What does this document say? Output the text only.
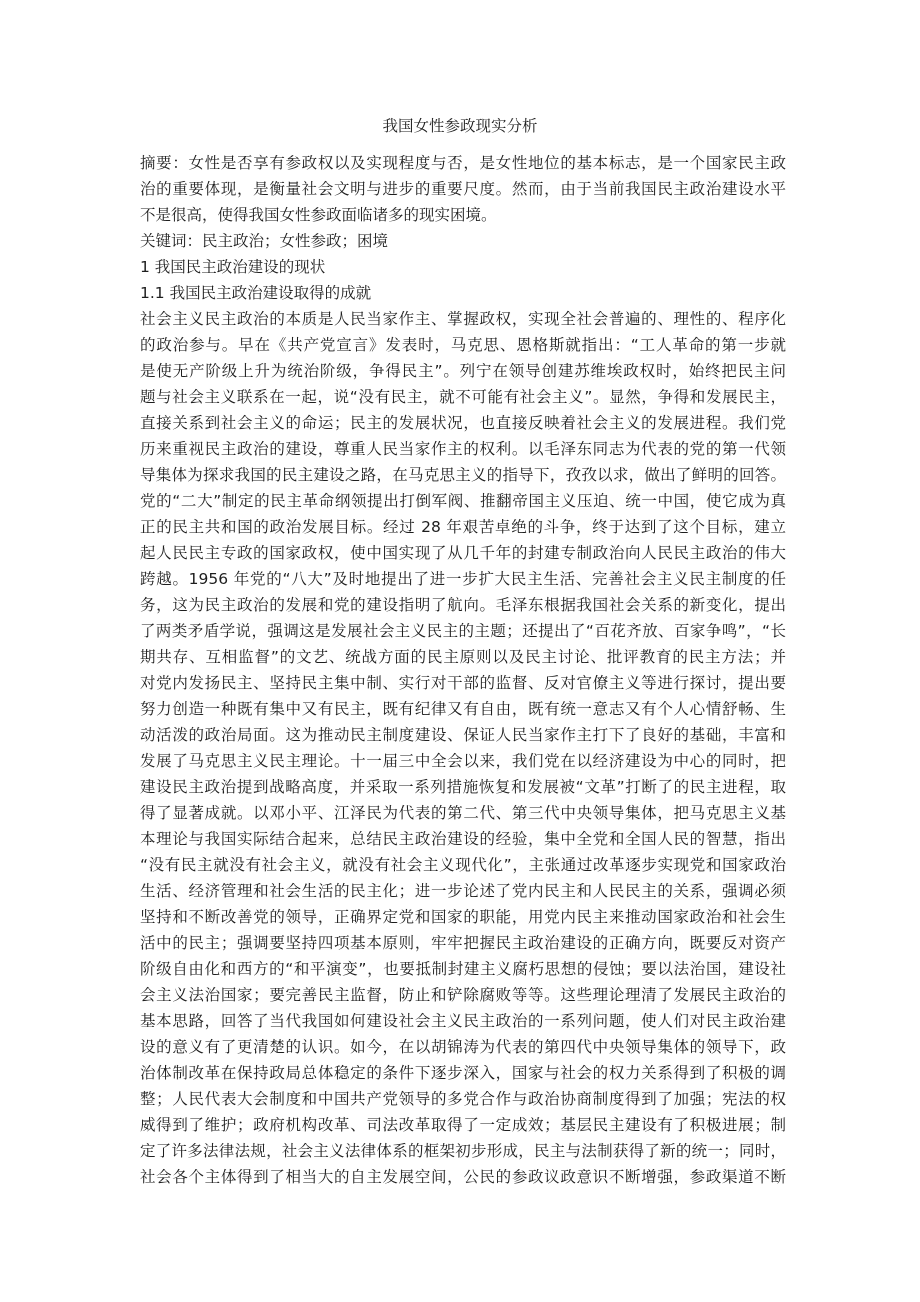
我国女性参政现实分析
摘要：女性是否享有参政权以及实现程度与否，是女性地位的基本标志，是一个国家民主政
治的重要体现，是衡量社会文明与进步的重要尺度。然而，由于当前我国民主政治建设水平
不是很高，使得我国女性参政面临诸多的现实困境。
关键词：民主政治；女性参政；困境
1 我国民主政治建设的现状
1.1 我国民主政治建设取得的成就
社会主义民主政治的本质是人民当家作主、掌握政权，实现全社会普遍的、理性的、程序化
的政治参与。早在《共产党宣言》发表时，马克思、恩格斯就指出：“工人革命的第一步就
是使无产阶级上升为统治阶级，争得民主”。列宁在领导创建苏维埃政权时，始终把民主问
题与社会主义联系在一起，说“没有民主，就不可能有社会主义”。显然，争得和发展民主，
直接关系到社会主义的命运；民主的发展状况，也直接反映着社会主义的发展进程。我们党
历来重视民主政治的建设，尊重人民当家作主的权利。以毛泽东同志为代表的党的第一代领
导集体为探求我国的民主建设之路，在马克思主义的指导下，孜孜以求，做出了鲜明的回答。
党的“二大”制定的民主革命纲领提出打倒军阀、推翻帝国主义压迫、统一中国，使它成为真
正的民主共和国的政治发展目标。经过 28 年艰苦卓绝的斗争，终于达到了这个目标，建立
起人民民主专政的国家政权，使中国实现了从几千年的封建专制政治向人民民主政治的伟大
跨越。1956 年党的“八大”及时地提出了进一步扩大民主生活、完善社会主义民主制度的任
务，这为民主政治的发展和党的建设指明了航向。毛泽东根据我国社会关系的新变化，提出
了两类矛盾学说，强调这是发展社会主义民主的主题；还提出了“百花齐放、百家争鸣”，“长
期共存、互相监督”的文艺、统战方面的民主原则以及民主讨论、批评教育的民主方法；并
对党内发扬民主、坚持民主集中制、实行对干部的监督、反对官僚主义等进行探讨，提出要
努力创造一种既有集中又有民主，既有纪律又有自由，既有统一意志又有个人心情舒畅、生
动活泼的政治局面。这为推动民主制度建设、保证人民当家作主打下了良好的基础，丰富和
发展了马克思主义民主理论。十一届三中全会以来，我们党在以经济建设为中心的同时，把
建设民主政治提到战略高度，并采取一系列措施恢复和发展被“文革”打断了的民主进程，取
得了显著成就。以邓小平、江泽民为代表的第二代、第三代中央领导集体，把马克思主义基
本理论与我国实际结合起来，总结民主政治建设的经验，集中全党和全国人民的智慧，指出
“没有民主就没有社会主义，就没有社会主义现代化”，主张通过改革逐步实现党和国家政治
生活、经济管理和社会生活的民主化；进一步论述了党内民主和人民民主的关系，强调必须
坚持和不断改善党的领导，正确界定党和国家的职能，用党内民主来推动国家政治和社会生
活中的民主；强调要坚持四项基本原则，牢牢把握民主政治建设的正确方向，既要反对资产
阶级自由化和西方的“和平演变”，也要抵制封建主义腐朽思想的侵蚀；要以法治国，建设社
会主义法治国家；要完善民主监督，防止和铲除腐败等等。这些理论理清了发展民主政治的
基本思路，回答了当代我国如何建设社会主义民主政治的一系列问题，使人们对民主政治建
设的意义有了更清楚的认识。如今，在以胡锦涛为代表的第四代中央领导集体的领导下，政
治体制改革在保持政局总体稳定的条件下逐步深入，国家与社会的权力关系得到了积极的调
整；人民代表大会制度和中国共产党领导的多党合作与政治协商制度得到了加强；宪法的权
威得到了维护；政府机构改革、司法改革取得了一定成效；基层民主建设有了积极进展；制
定了许多法律法规，社会主义法律体系的框架初步形成，民主与法制获得了新的统一；同时，
社会各个主体得到了相当大的自主发展空间，公民的参政议政意识不断增强，参政渠道不断
